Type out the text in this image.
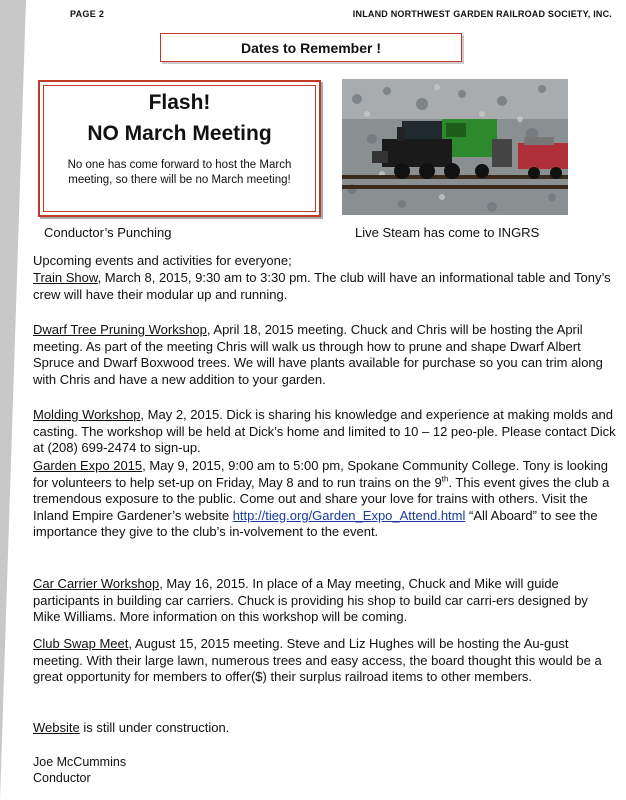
PAGE 2	INLAND NORTHWEST GARDEN RAILROAD SOCIETY, INC.
Dates to Remember !
Flash!
NO March Meeting
No one has come forward to host the March meeting, so there will be no March meeting!
Conductor’s Punching	Live Steam has come to INGRS
Upcoming events and activities for everyone;
Train Show, March 8, 2015, 9:30 am to 3:30 pm. The club will have an informational table and Tony’s crew will have their modular up and running.
Dwarf Tree Pruning Workshop, April 18, 2015 meeting. Chuck and Chris will be hosting the April meeting. As part of the meeting Chris will walk us through how to prune and shape Dwarf Albert Spruce and Dwarf Boxwood trees. We will have plants available for purchase so you can trim along with Chris and have a new addition to your garden.
Molding Workshop, May 2, 2015. Dick is sharing his knowledge and experience at making molds and casting. The workshop will be held at Dick’s home and limited to 10 – 12 peo-ple. Please contact Dick at (208) 699-2474 to sign-up.
Garden Expo 2015, May 9, 2015, 9:00 am to 5:00 pm, Spokane Community College. Tony is looking for volunteers to help set-up on Friday, May 8 and to run trains on the 9th. This event gives the club a tremendous exposure to the public. Come out and share your love for trains with others. Visit the Inland Empire Gardener’s website http://tieg.org/Garden_Expo_Attend.html “All Aboard” to see the importance they give to the club’s in-volvement to the event.
Car Carrier Workshop, May 16, 2015. In place of a May meeting, Chuck and Mike will guide participants in building car carriers. Chuck is providing his shop to build car carri-ers designed by Mike Williams. More information on this workshop will be coming.
Club Swap Meet, August 15, 2015 meeting. Steve and Liz Hughes will be hosting the Au-gust meeting. With their large lawn, numerous trees and easy access, the board thought this would be a great opportunity for members to offer($) their surplus railroad items to other members.
Website is still under construction.
Joe McCummins
Conductor
